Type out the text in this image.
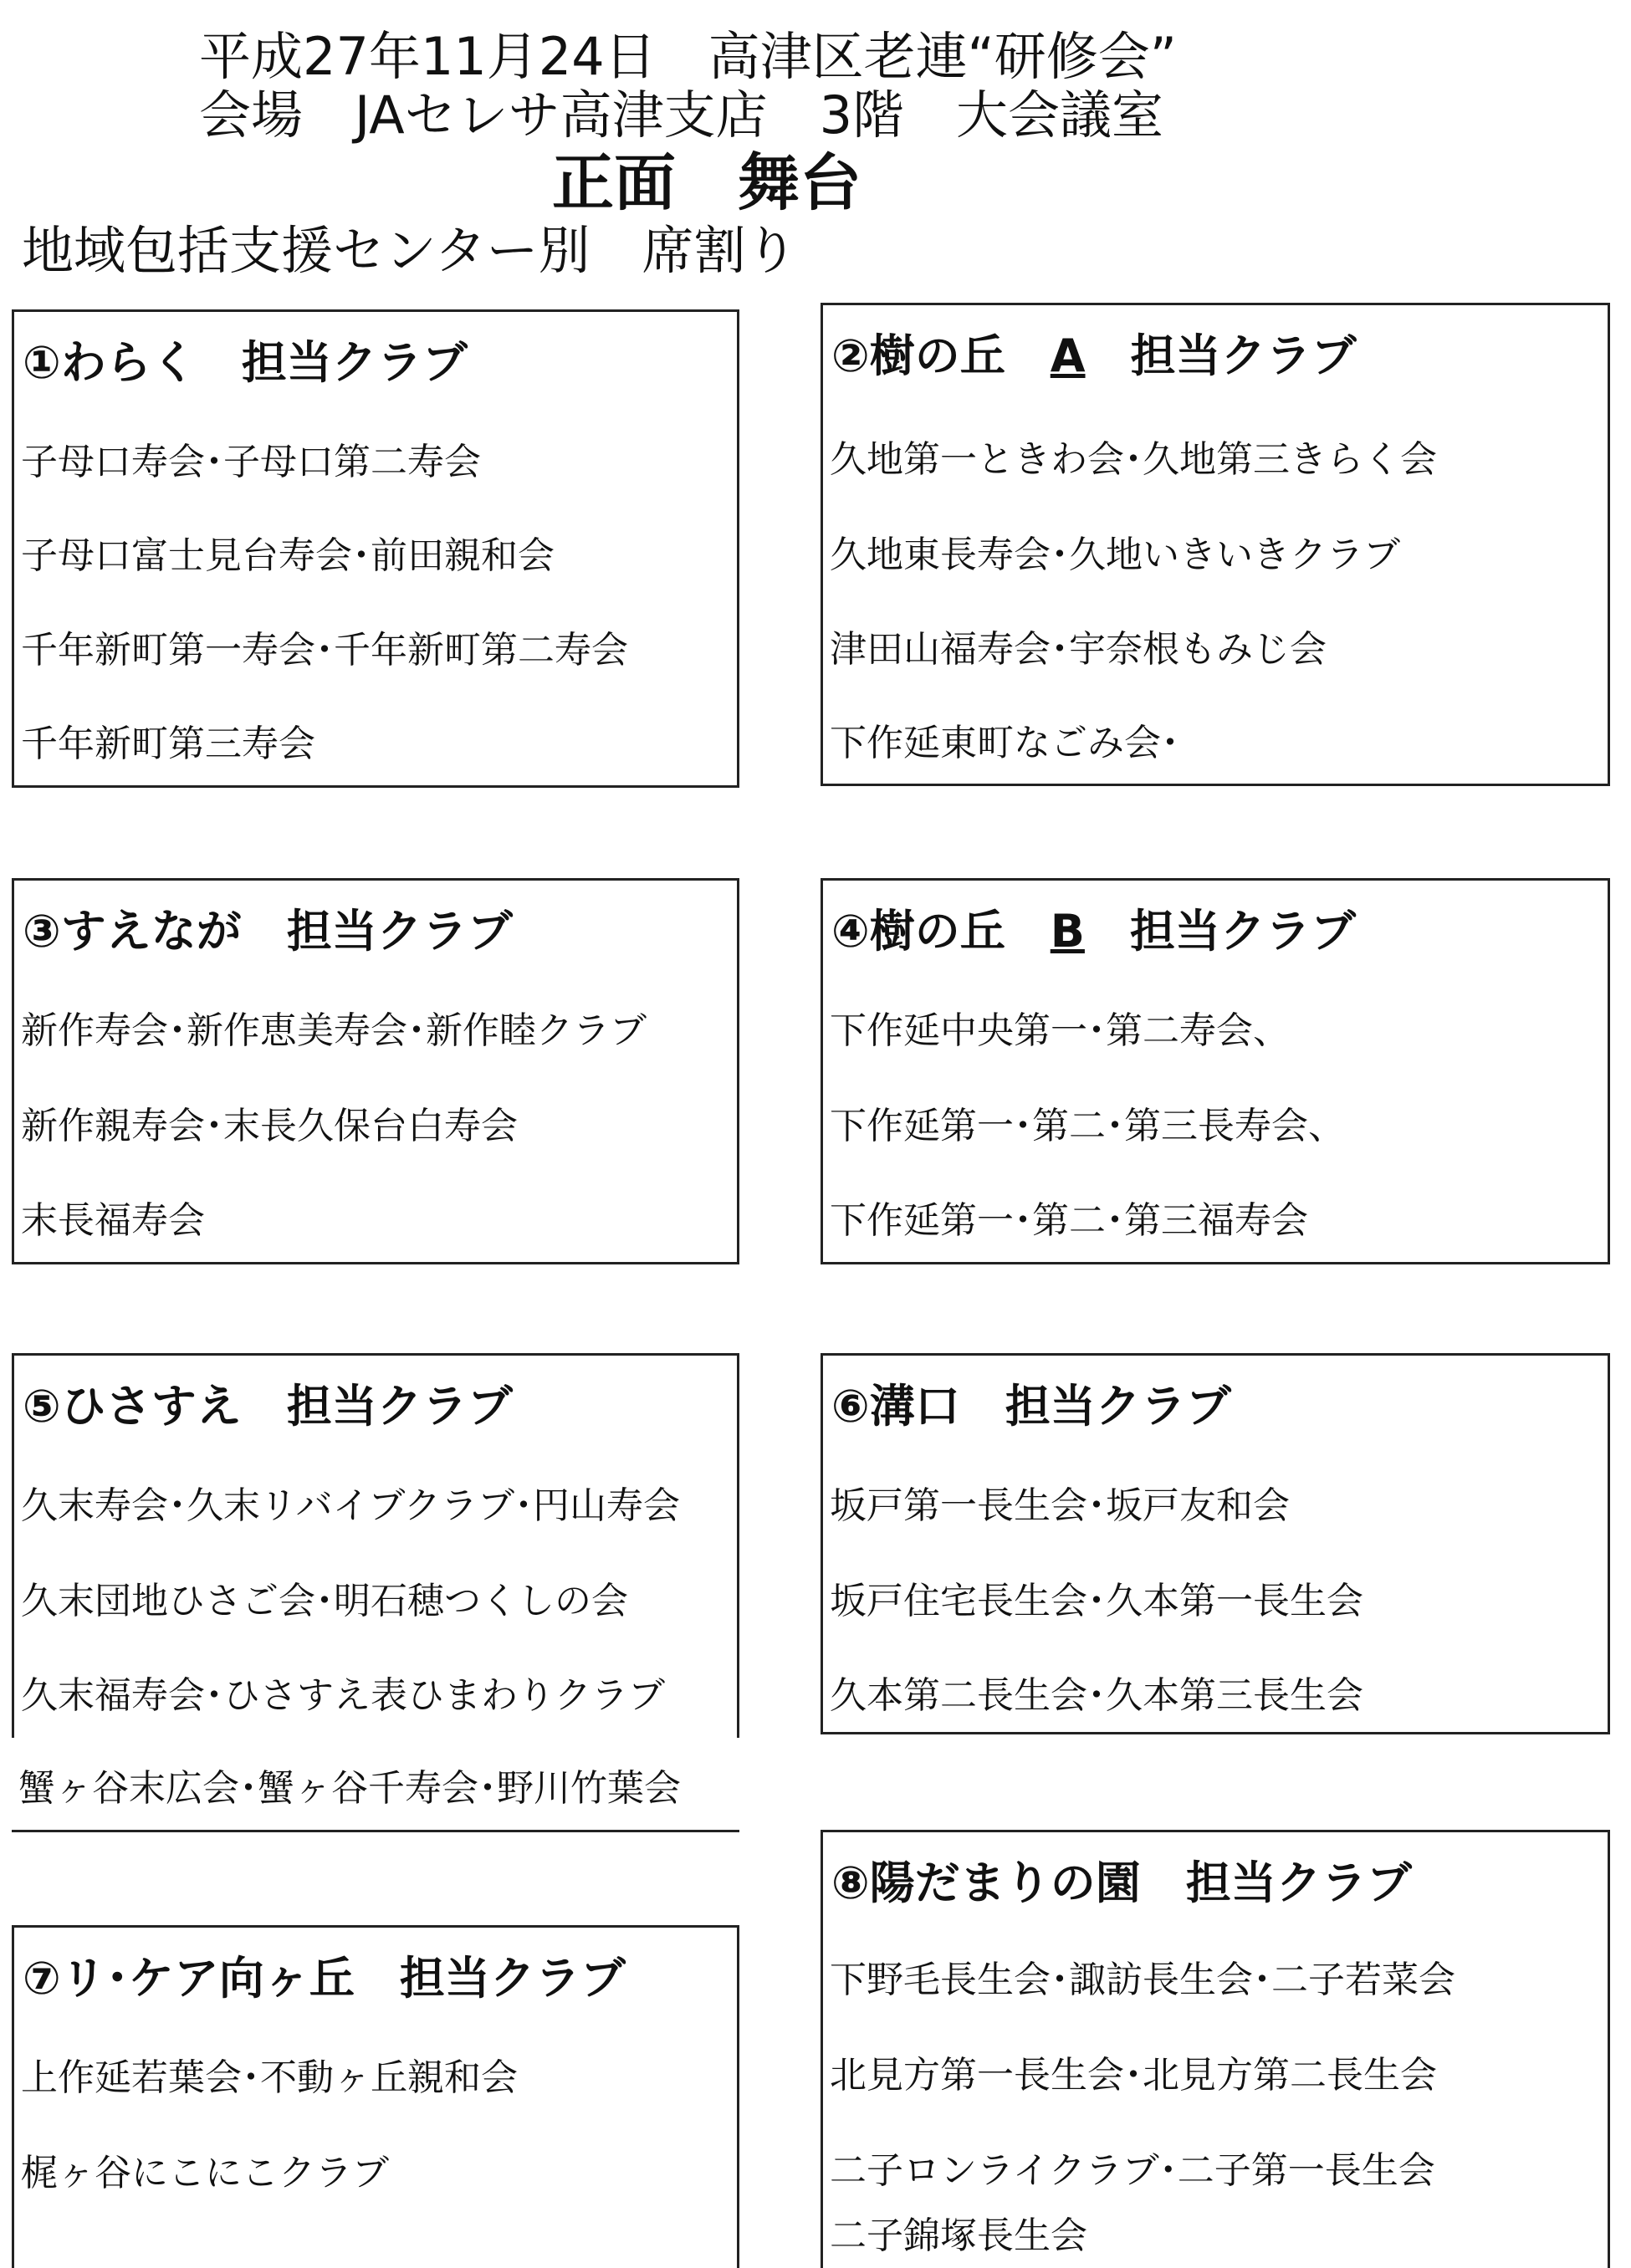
平成27年11月24日　高津区老連“研修会”
会場　JAセレサ高津支店　3階　大会議室
正面　舞台
地域包括支援センター別　席割り
①わらく　 担当クラブ
子母口寿会･子母口第二寿会
子母口富士見台寿会･前田親和会
千年新町第一寿会･千年新町第二寿会
千年新町第三寿会
②樹の丘　 A　 担当クラブ
久地第一ときわ会･久地第三きらく会
久地東長寿会･久地いきいきクラブ
津田山福寿会･宇奈根もみじ会
下作延東町なごみ会･
③すえなが　 担当クラブ
新作寿会･新作恵美寿会･新作睦クラブ
新作親寿会･末長久保台白寿会
末長福寿会
④樹の丘　 B　 担当クラブ
下作延中央第一･第二寿会、
下作延第一･第二･第三長寿会、
下作延第一･第二･第三福寿会
⑤ひさすえ　 担当クラブ
久末寿会･久末リバイブクラブ･円山寿会
久末団地ひさご会･明石穂つくしの会
久末福寿会･ひさすえ表ひまわりクラブ
蟹ヶ谷末広会･蟹ヶ谷千寿会･野川竹葉会
⑥溝口　 担当クラブ
坂戸第一長生会･坂戸友和会
坂戸住宅長生会･久本第一長生会
久本第二長生会･久本第三長生会
⑦リ･ケア向ヶ丘　 担当クラブ
上作延若葉会･不動ヶ丘親和会
梶ヶ谷にこにこクラブ
⑧陽だまりの園　 担当クラブ
下野毛長生会･諏訪長生会･二子若菜会
北見方第一長生会･北見方第二長生会
二子ロンライクラブ･二子第一長生会
二子錦塚長生会
